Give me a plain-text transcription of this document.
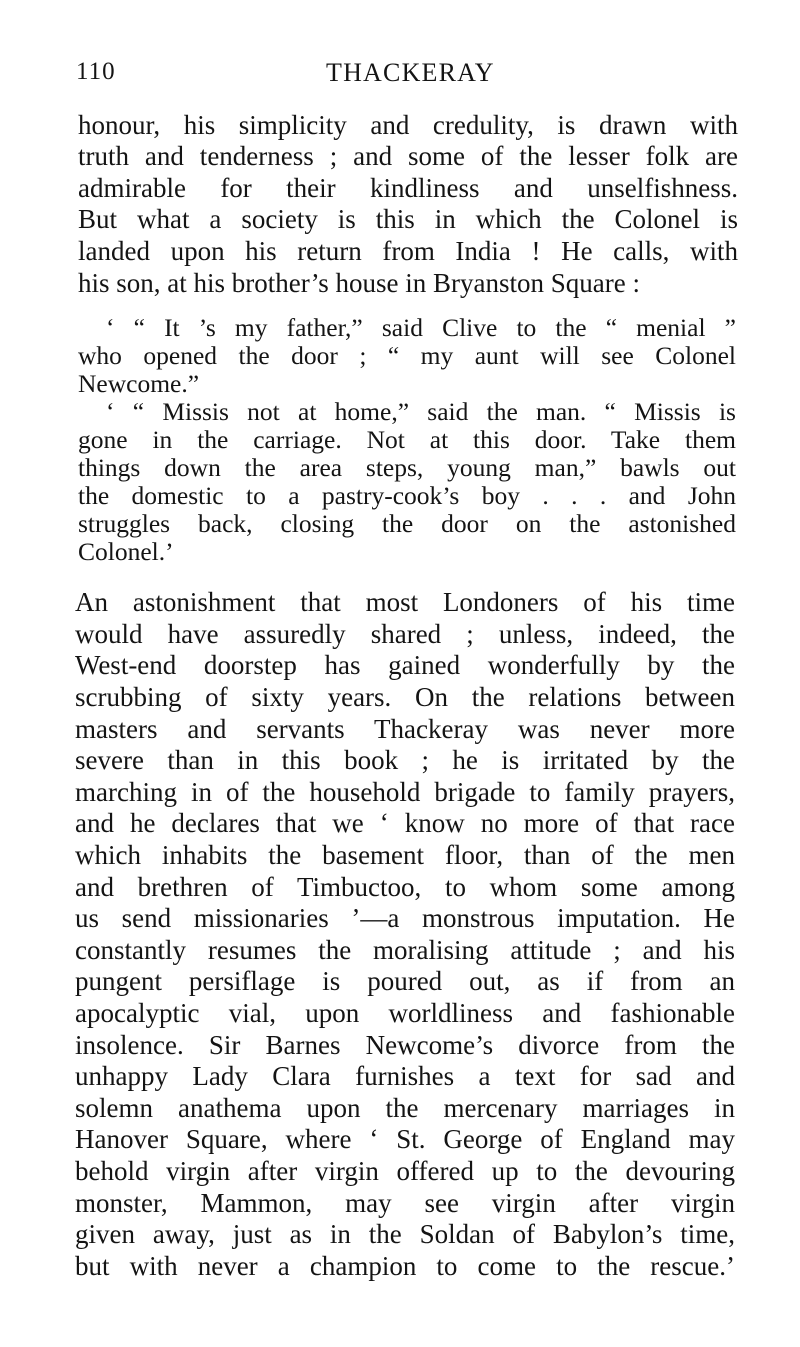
110	THACKERAY
honour, his simplicity and credulity, is drawn with
truth and tenderness ; and some of the lesser folk are
admirable for their kindliness and unselfishness.
But what a society is this in which the Colonel is
landed upon his return from India ! He calls, with
his son, at his brother’s house in Bryanston Square :
‘ “ It ’s my father,” said Clive to the “ menial ”
who opened the door ; “ my aunt will see Colonel
Newcome.”
‘ “ Missis not at home,” said the man. “ Missis is
gone in the carriage. Not at this door. Take them
things down the area steps, young man,” bawls out
the domestic to a pastry-cook’s boy . . . and John
struggles back, closing the door on the astonished
Colonel.’
An astonishment that most Londoners of his time
would have assuredly shared ; unless, indeed, the
West-end doorstep has gained wonderfully by the
scrubbing of sixty years. On the relations between
masters and servants Thackeray was never more
severe than in this book ; he is irritated by the
marching in of the household brigade to family prayers,
and he declares that we ‘ know no more of that race
which inhabits the basement floor, than of the men
and brethren of Timbuctoo, to whom some among
us send missionaries ’—a monstrous imputation. He
constantly resumes the moralising attitude ; and his
pungent persiflage is poured out, as if from an
apocalyptic vial, upon worldliness and fashionable
insolence. Sir Barnes Newcome’s divorce from the
unhappy Lady Clara furnishes a text for sad and
solemn anathema upon the mercenary marriages in
Hanover Square, where ‘ St. George of England may
behold virgin after virgin offered up to the devouring
monster, Mammon, may see virgin after virgin
given away, just as in the Soldan of Babylon’s time,
but with never a champion to come to the rescue.’
